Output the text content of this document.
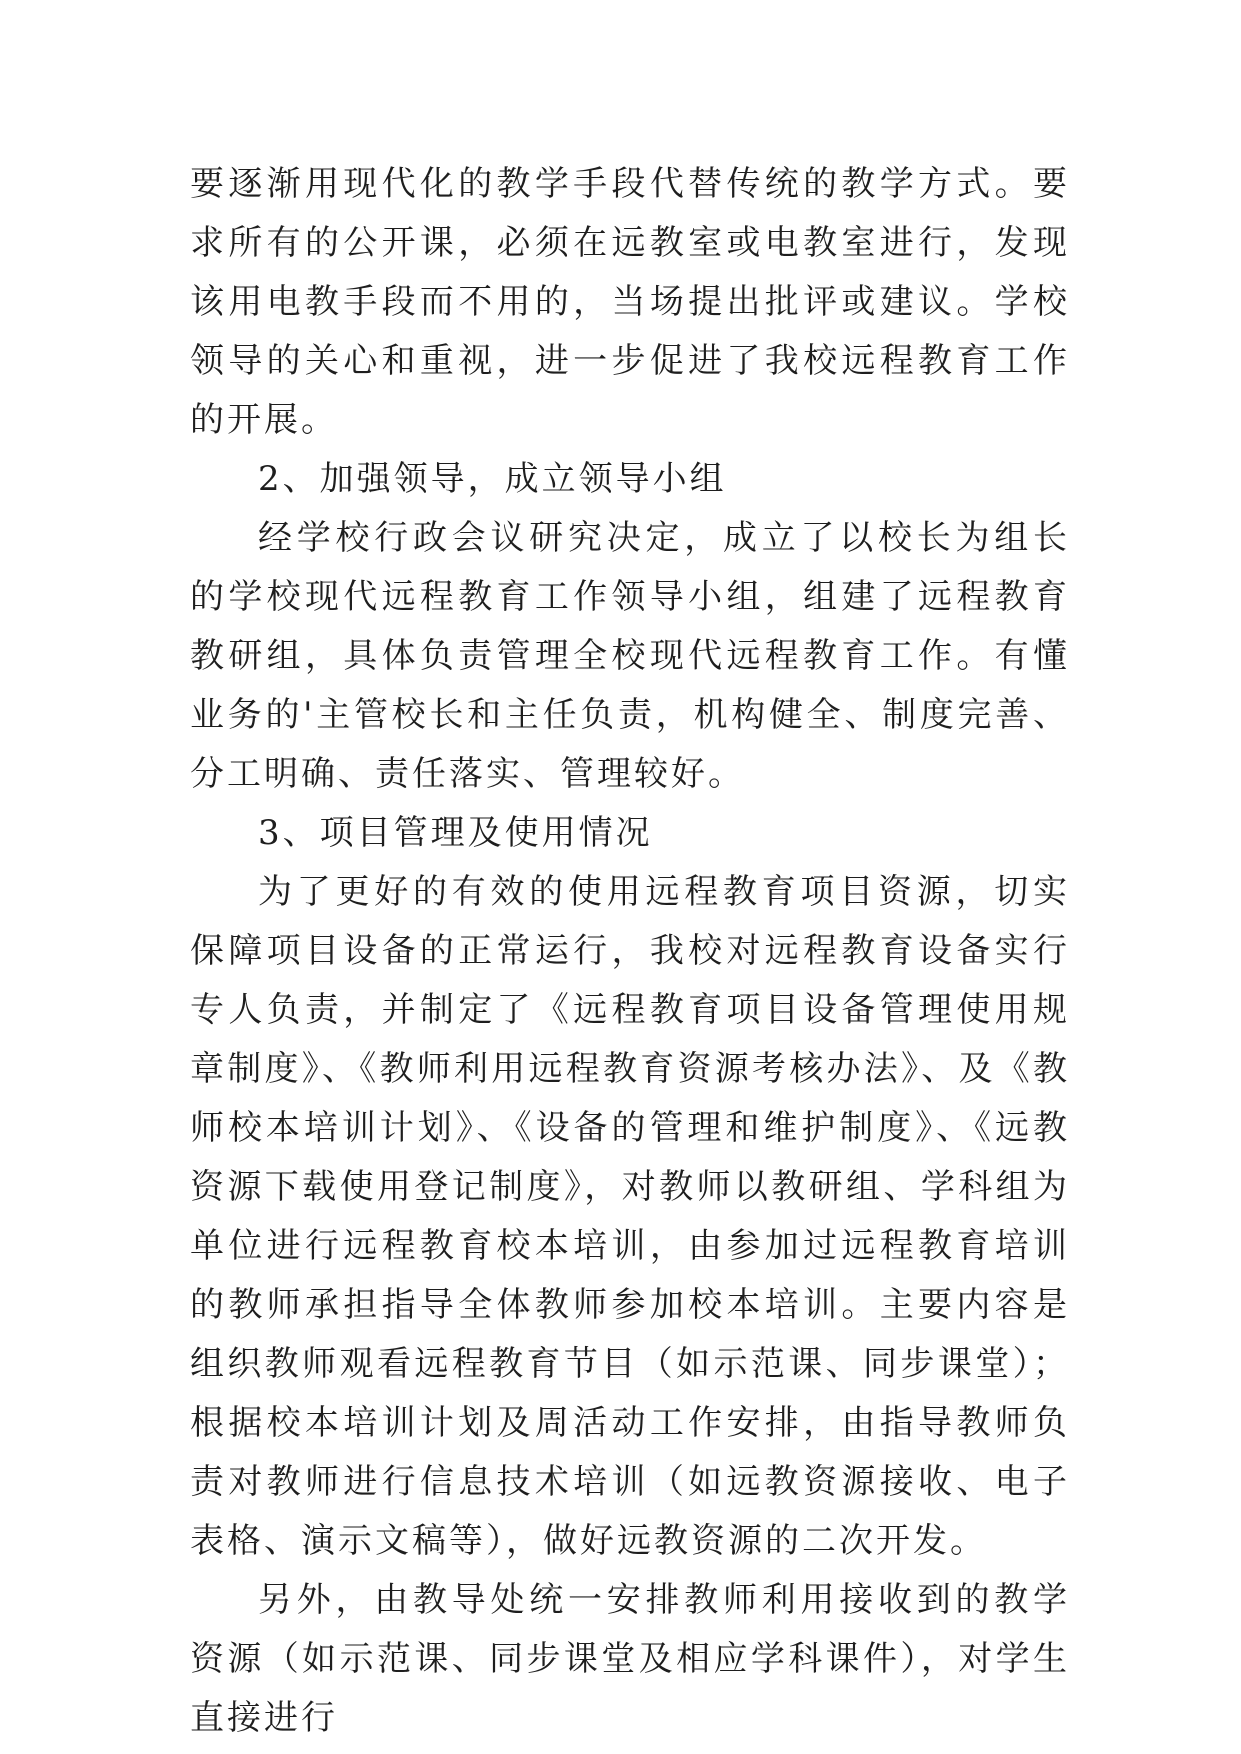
要逐渐用现代化的教学手段代替传统的教学方式。要求所有的公开课，必须在远教室或电教室进行，发现该用电教手段而不用的，当场提出批评或建议。学校领导的关心和重视，进一步促进了我校远程教育工作的开展。

2、加强领导，成立领导小组

经学校行政会议研究决定，成立了以校长为组长的学校现代远程教育工作领导小组，组建了远程教育教研组，具体负责管理全校现代远程教育工作。有懂业务的'主管校长和主任负责，机构健全、制度完善、分工明确、责任落实、管理较好。

3、项目管理及使用情况

为了更好的有效的使用远程教育项目资源，切实保障项目设备的正常运行，我校对远程教育设备实行专人负责，并制定了《远程教育项目设备管理使用规章制度》、《教师利用远程教育资源考核办法》、及《教师校本培训计划》、《设备的管理和维护制度》、《远教资源下载使用登记制度》，对教师以教研组、学科组为单位进行远程教育校本培训，由参加过远程教育培训的教师承担指导全体教师参加校本培训。主要内容是组织教师观看远程教育节目（如示范课、同步课堂）；根据校本培训计划及周活动工作安排，由指导教师负责对教师进行信息技术培训（如远教资源接收、电子表格、演示文稿等），做好远教资源的二次开发。

另外，由教导处统一安排教师利用接收到的教学资源（如示范课、同步课堂及相应学科课件），对学生直接进行
